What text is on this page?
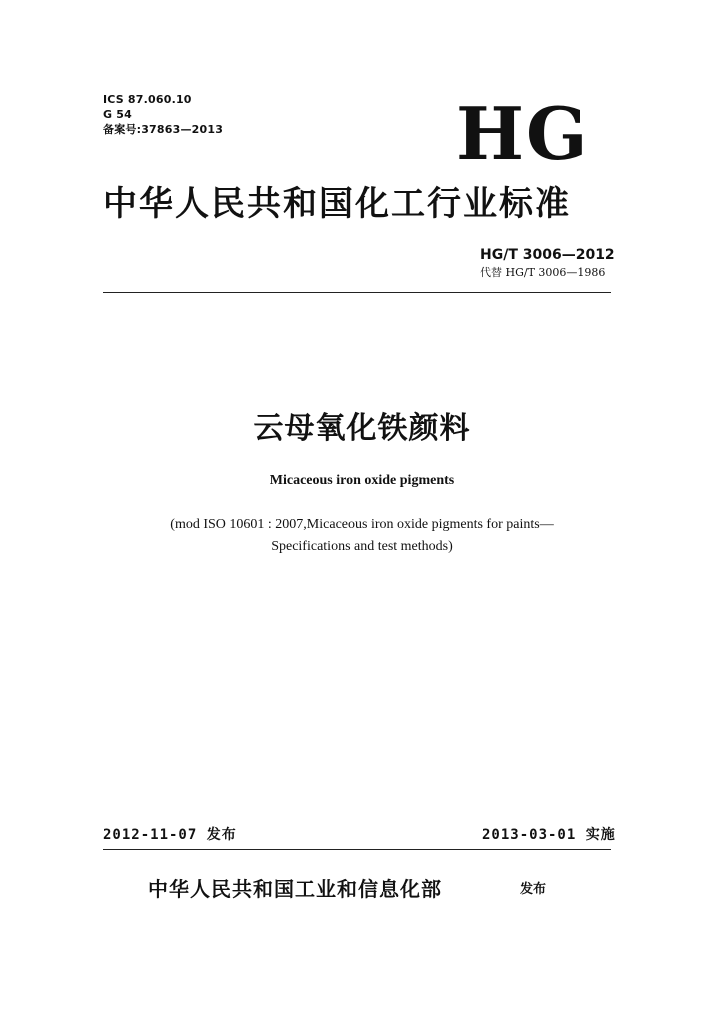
ICS 87.060.10
G 54
备案号:37863—2013	HG
中华人民共和国化工行业标准
HG/T 3006—2012
代替 HG/T 3006—1986
云母氧化铁颜料
Micaceous iron oxide pigments
(mod ISO 10601 : 2007,Micaceous iron oxide pigments for paints—
Specifications and test methods)
2012-11-07 发布	2013-03-01 实施
中华人民共和国工业和信息化部	发布
